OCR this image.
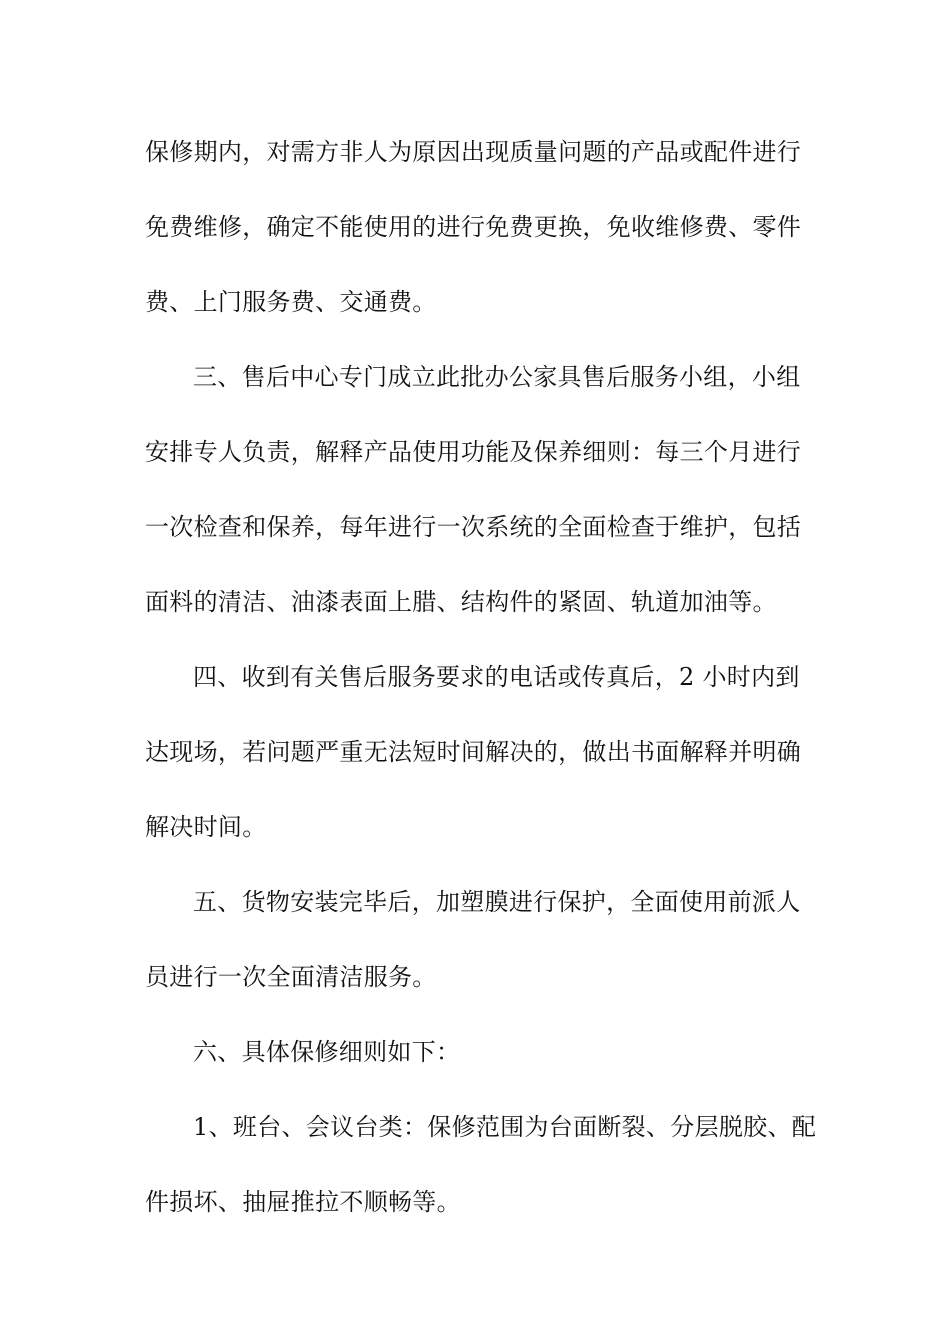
保修期内，对需方非人为原因出现质量问题的产品或配件进行
免费维修，确定不能使用的进行免费更换，免收维修费、零件
费、上门服务费、交通费。
三、售后中心专门成立此批办公家具售后服务小组，小组
安排专人负责，解释产品使用功能及保养细则：每三个月进行
一次检查和保养，每年进行一次系统的全面检查于维护，包括
面料的清洁、油漆表面上腊、结构件的紧固、轨道加油等。
四、收到有关售后服务要求的电话或传真后，2 小时内到
达现场，若问题严重无法短时间解决的，做出书面解释并明确
解决时间。
五、货物安装完毕后，加塑膜进行保护，全面使用前派人
员进行一次全面清洁服务。
六、具体保修细则如下：
1、班台、会议台类：保修范围为台面断裂、分层脱胶、配
件损坏、抽屉推拉不顺畅等。
